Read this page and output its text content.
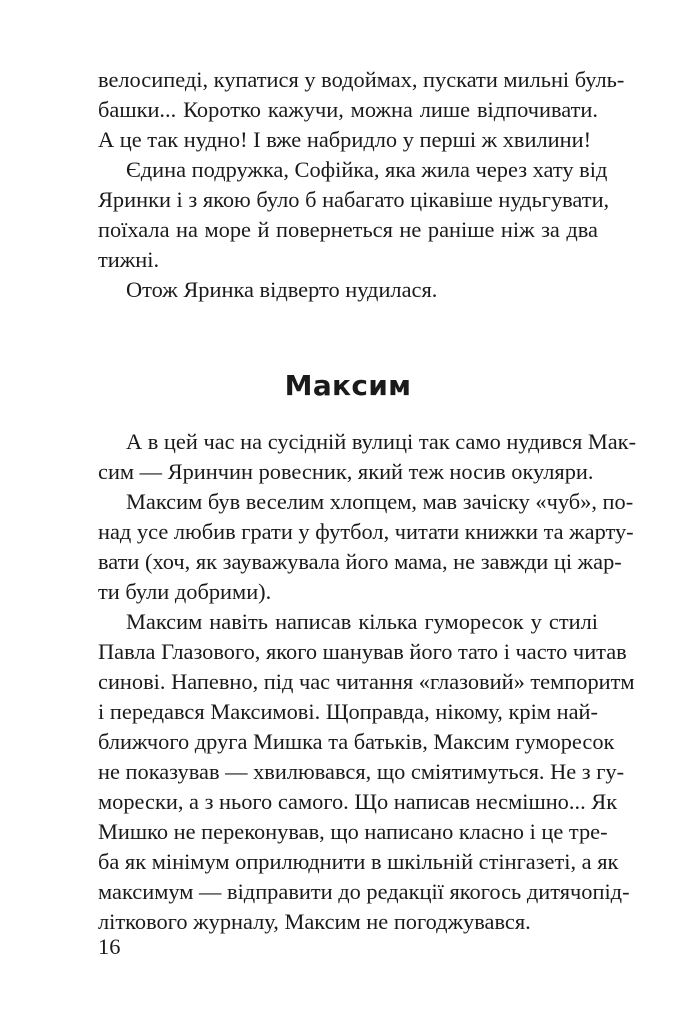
велосипеді, купатися у водоймах, пускати мильні буль-
башки... Коротко кажучи, можна лише відпочивати.
А це так нудно! І вже набридло у перші ж хвилини!
Єдина подружка, Софійка, яка жила через хату від
Яринки і з якою було б набагато цікавіше нудьгувати,
поїхала на море й повернеться не раніше ніж за два
тижні.
Отож Яринка відверто нудилася.
Максим
А в цей час на сусідній вулиці так само нудився Мак-
сим — Яринчин ровесник, який теж носив окуляри.
Максим був веселим хлопцем, мав зачіску «чуб», по-
над усе любив грати у футбол, читати книжки та жарту-
вати (хоч, як зауважувала його мама, не завжди ці жар-
ти були добрими).
Максим навіть написав кілька гуморесок у стилі
Павла Глазового, якого шанував його тато і часто читав
синові. Напевно, під час читання «глазовий» темпоритм
і передався Максимові. Щоправда, нікому, крім най-
ближчого друга Мишка та батьків, Максим гуморесок
не показував — хвилювався, що сміятимуться. Не з гу-
морески, а з нього самого. Що написав несмішно... Як
Мишко не переконував, що написано класно і це тре-
ба як мінімум оприлюднити в шкільній стінгазеті, а як
максимум — відправити до редакції якогось дитячопід-
літкового журналу, Максим не погоджувався.
16
